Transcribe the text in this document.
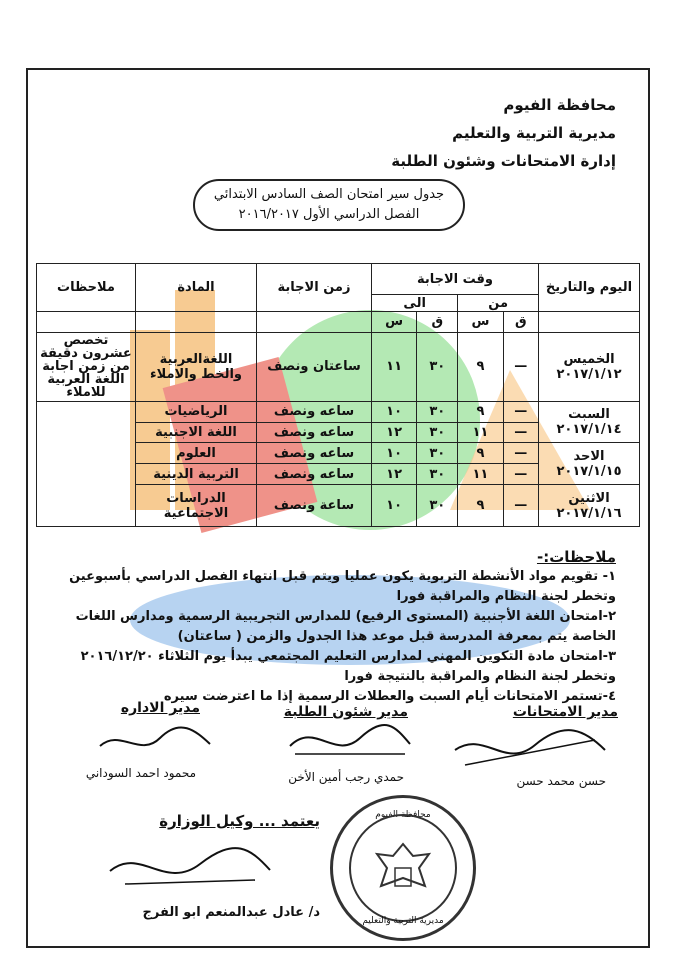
محافظة الفيوم
مديرية التربية والتعليم
إدارة الامتحانات وشئون الطلبة
جدول سير امتحان الصف السادس الابتدائي
الفصل الدراسي الأول ٢٠١٦/٢٠١٧
اليوم والتاريخ	وقت الاجابة				زمن الاجابة	المادة	ملاحظات
	من		الى				
	ق	س	ق	س			

الخميس
٢٠١٧/١/١٢	—	٩	٣٠	١١	ساعتان ونصف	اللغةالعربية والخط والاملاء	تخصص عشرون دقيقة من زمن اجابة اللغة العربية للاملاء

السبت
٢٠١٧/١/١٤	—	٩	٣٠	١٠	ساعه ونصف	الرياضيات	
	—	١١	٣٠	١٢	ساعه ونصف	اللغة الاجنبية	

الاحد
٢٠١٧/١/١٥	—	٩	٣٠	١٠	ساعه ونصف	العلوم	
	—	١١	٣٠	١٢	ساعه ونصف	التربية الدينية	

الاثنين
٢٠١٧/١/١٦	—	٩	٣٠	١٠	ساعة ونصف	الدراسات الاجتماعية	
ملاحظات:-
١- تقويم مواد الأنشطة التربوية يكون عمليا ويتم قبل انتهاء الفصل الدراسي بأسبوعين وتخطر لجنة النظام والمراقبة فورا
٢-امتحان اللغة الأجنبية (المستوى الرفيع) للمدارس التجريبية الرسمية ومدارس اللغات الخاصة يتم بمعرفة المدرسة قبل موعد هذا الجدول والزمن ( ساعتان)
٣-امتحان مادة التكوين المهني لمدارس التعليم المجتمعي يبدأ يوم الثلاثاء ٢٠١٦/١٢/٢٠ وتخطر لجنة النظام والمراقبة بالنتيجة فورا
٤-تستمر الامتحانات أيام السبت والعطلات الرسمية إذا ما اعترضت سيره
مدير الامتحانات
مدير شئون الطلبة
مدير الاداره
حسن محمد حسن
حمدي رجب أمين الأخن
محمود احمد السوداني
يعتمد ... وكيل الوزارة
د/ عادل عبدالمنعم ابو الفرج
محافظة الفيوم
مديرية التربية والتعليم
